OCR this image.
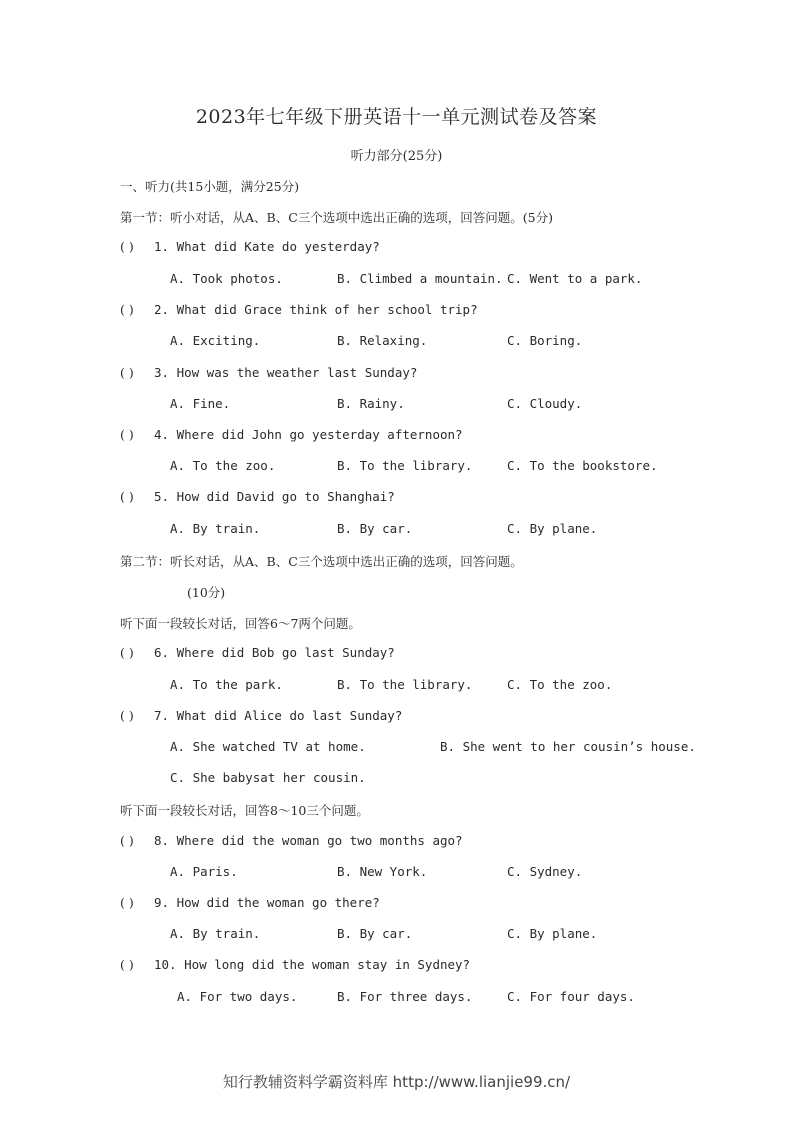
2023年七年级下册英语十一单元测试卷及答案
听力部分(25分)
一、听力(共15小题，满分25分)
第一节：听小对话，从A、B、C三个选项中选出正确的选项，回答问题。(5分)
( ) 1. What did Kate do yesterday?
A. Took photos.	B. Climbed a mountain. C. Went to a park.
( ) 2. What did Grace think of her school trip?
A. Exciting.	B. Relaxing.	C. Boring.
( ) 3. How was the weather last Sunday?
A. Fine.	B. Rainy.	C. Cloudy.
( ) 4. Where did John go yesterday afternoon?
A. To the zoo.	B. To the library.	C. To the bookstore.
( ) 5. How did David go to Shanghai?
A. By train.	B. By car.	C. By plane.
第二节：听长对话，从A、B、C三个选项中选出正确的选项，回答问题。
(10分)
听下面一段较长对话，回答6～7两个问题。
( ) 6. Where did Bob go last Sunday?
A. To the park.	B. To the library.	C. To the zoo.
( ) 7. What did Alice do last Sunday?
A. She watched TV at home.	B. She went to her cousin’s house.
C. She babysat her cousin.
听下面一段较长对话，回答8～10三个问题。
( ) 8. Where did the woman go two months ago?
A. Paris.	B. New York.	C. Sydney.
( ) 9. How did the woman go there?
A. By train.	B. By car.	C. By plane.
( ) 10. How long did the woman stay in Sydney?
A. For two days.	B. For three days.	C. For four days.
知行教辅资料学霸资料库 http://www.lianjie99.cn/
